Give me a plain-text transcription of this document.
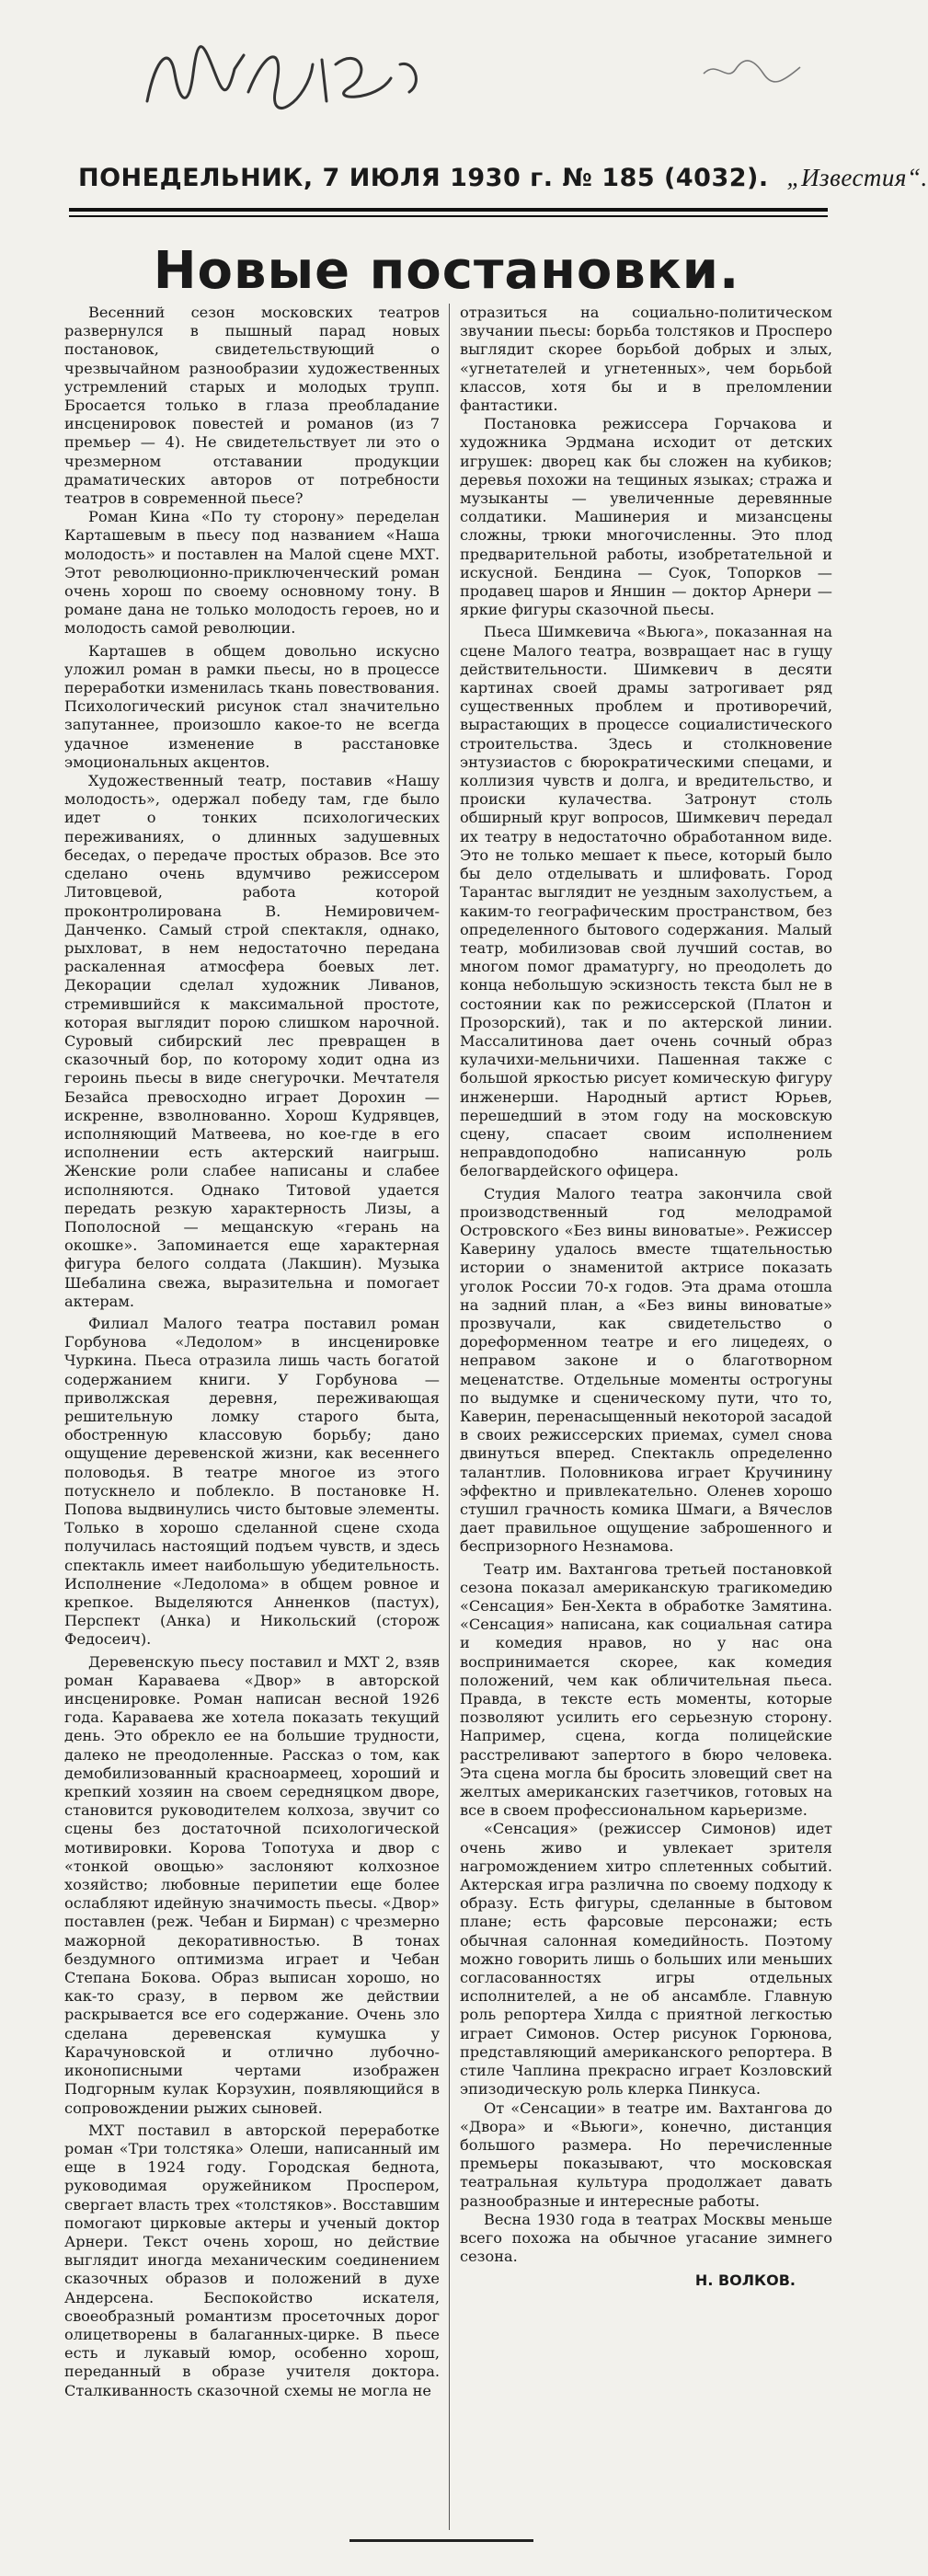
ПОНЕДЕЛЬНИК, 7 ИЮЛЯ 1930 г. № 185 (4032). „Известия“.
Новые постановки.

Весенний сезон московских театров развернулся в пышный парад новых постановок, свидетельствующий о чрезвычайном разнообразии художественных устремлений старых и молодых трупп. Бросается только в глаза преобладание инсценировок повестей и романов (из 7 премьер — 4). Не свидетельствует ли это о чрезмерном отставании продукции драматических авторов от потребности театров в современной пьесе?

Роман Кина «По ту сторону» переделан Карташевым в пьесу под названием «Наша молодость» и поставлен на Малой сцене МХТ. Этот революционно-приключенческий роман очень хорош по своему основному тону. В романе дана не только молодость героев, но и молодость самой революции.

Карташев в общем довольно искусно уложил роман в рамки пьесы, но в процессе переработки изменилась ткань повествования. Психологический рисунок стал значительно запутаннее, произошло какое-то не всегда удачное изменение в расстановке эмоциональных акцентов.

Художественный театр, поставив «Нашу молодость», одержал победу там, где было идет о тонких психологических переживаниях, о длинных задушевных беседах, о передаче простых образов. Все это сделано очень вдумчиво режиссером Литовцевой, работа которой проконтролирована В. Немировичем-Данченко. Самый строй спектакля, однако, рыхловат, в нем недостаточно передана раскаленная атмосфера боевых лет. Декорации сделал художник Ливанов, стремившийся к максимальной простоте, которая выглядит порою слишком нарочной. Суровый сибирский лес превращен в сказочный бор, по которому ходит одна из героинь пьесы в виде снегурочки. Мечтателя Безайса превосходно играет Дорохин — искренне, взволнованно. Хорош Кудрявцев, исполняющий Матвеева, но кое-где в его исполнении есть актерский наигрыш. Женские роли слабее написаны и слабее исполняются. Однако Титовой удается передать резкую характерность Лизы, а Пополосной — мещанскую «герань на окошке». Запоминается еще характерная фигура белого солдата (Лакшин). Музыка Шебалина свежа, выразительна и помогает актерам.

Филиал Малого театра поставил роман Горбунова «Ледолом» в инсценировке Чуркина. Пьеса отразила лишь часть богатой содержанием книги. У Горбунова — приволжская деревня, переживающая решительную ломку старого быта, обостренную классовую борьбу; дано ощущение деревенской жизни, как весеннего половодья. В театре многое из этого потускнело и поблекло. В постановке Н. Попова выдвинулись чисто бытовые элементы. Только в хорошо сделанной сцене схода получилась настоящий подъем чувств, и здесь спектакль имеет наибольшую убедительность. Исполнение «Ледолома» в общем ровное и крепкое. Выделяются Анненков (пастух), Перспект (Анка) и Никольский (сторож Федосеич).

Деревенскую пьесу поставил и МХТ 2, взяв роман Караваева «Двор» в авторской инсценировке. Роман написан весной 1926 года. Караваева же хотела показать текущий день. Это обрекло ее на большие трудности, далеко не преодоленные. Рассказ о том, как демобилизованный красноармеец, хороший и крепкий хозяин на своем середняцком дворе, становится руководителем колхоза, звучит со сцены без достаточной психологической мотивировки. Корова Топотуха и двор с «тонкой овощью» заслоняют колхозное хозяйство; любовные перипетии еще более ослабляют идейную значимость пьесы. «Двор» поставлен (реж. Чебан и Бирман) с чрезмерно мажорной декоративностью. В тонах бездумного оптимизма играет и Чебан Степана Бокова. Образ выписан хорошо, но как-то сразу, в первом же действии раскрывается все его содержание. Очень зло сделана деревенская кумушка у Карачуновской и отлично лубочно-иконописными чертами изображен Подгорным кулак Корзухин, появляющийся в сопровождении рыжих сыновей.

МХТ поставил в авторской переработке роман «Три толстяка» Олеши, написанный им еще в 1924 году. Городская беднота, руководимая оружейником Проспером, свергает власть трех «толстяков». Восставшим помогают цирковые актеры и ученый доктор Арнери. Текст очень хорош, но действие выглядит иногда механическим соединением сказочных образов и положений в духе Андерсена. Беспокойство искателя, своеобразный романтизм просеточных дорог олицетворены в балаганных-цирке. В пьесе есть и лукавый юмор, особенно хорош, переданный в образе учителя доктора. Сталкиванность сказочной схемы не могла не

отразиться на социально-политическом звучании пьесы: борьба толстяков и Просперо выглядит скорее борьбой добрых и злых, «угнетателей и угнетенных», чем борьбой классов, хотя бы и в преломлении фантастики.

Постановка режиссера Горчакова и художника Эрдмана исходит от детских игрушек: дворец как бы сложен на кубиков; деревья похожи на тещиных языках; стража и музыканты — увеличенные деревянные солдатики. Машинерия и мизансцены сложны, трюки многочисленны. Это плод предварительной работы, изобретательной и искусной. Бендина — Суок, Топорков — продавец шаров и Яншин — доктор Арнери — яркие фигуры сказочной пьесы.

Пьеса Шимкевича «Вьюга», показанная на сцене Малого театра, возвращает нас в гущу действительности. Шимкевич в десяти картинах своей драмы затрогивает ряд существенных проблем и противоречий, вырастающих в процессе социалистического строительства. Здесь и столкновение энтузиастов с бюрократическими спецами, и коллизия чувств и долга, и вредительство, и происки кулачества. Затронут столь обширный круг вопросов, Шимкевич передал их театру в недостаточно обработанном виде. Это не только мешает к пьесе, который было бы дело отделывать и шлифовать. Город Тарантас выглядит не уездным захолустьем, а каким-то географическим пространством, без определенного бытового содержания. Малый театр, мобилизовав свой лучший состав, во многом помог драматургу, но преодолеть до конца небольшую эскизность текста был не в состоянии как по режиссерской (Платон и Прозорский), так и по актерской линии. Массалитинова дает очень сочный образ кулачихи-мельничихи. Пашенная также с большой яркостью рисует комическую фигуру инженерши. Народный артист Юрьев, перешедший в этом году на московскую сцену, спасает своим исполнением неправдоподобно написанную роль белогвардейского офицера.

Студия Малого театра закончила свой производственный год мелодрамой Островского «Без вины виноватые». Режиссер Каверину удалось вместе тщательностью истории о знаменитой актрисе показать уголок России 70-х годов. Эта драма отошла на задний план, а «Без вины виноватые» прозвучали, как свидетельство о дореформенном театре и его лицедеях, о неправом законе и о благотворном меценатстве. Отдельные моменты острогуны по выдумке и сценическому пути, что то, Каверин, перенасыщенный некоторой засадой в своих режиссерских приемах, сумел снова двинуться вперед. Спектакль определенно талантлив. Половникова играет Кручинину эффектно и привлекательно. Оленев хорошо стушил грачность комика Шмаги, а Вячеслов дает правильное ощущение заброшенного и беспризорного Незнамова.

Театр им. Вахтангова третьей постановкой сезона показал американскую трагикомедию «Сенсация» Бен-Хекта в обработке Замятина. «Сенсация» написана, как социальная сатира и комедия нравов, но у нас она воспринимается скорее, как комедия положений, чем как обличительная пьеса. Правда, в тексте есть моменты, которые позволяют усилить его серьезную сторону. Например, сцена, когда полицейские расстреливают запертого в бюро человека. Эта сцена могла бы бросить зловещий свет на желтых американских газетчиков, готовых на все в своем профессиональном карьеризме.

«Сенсация» (режиссер Симонов) идет очень живо и увлекает зрителя нагромождением хитро сплетенных событий. Актерская игра различна по своему подходу к образу. Есть фигуры, сделанные в бытовом плане; есть фарсовые персонажи; есть обычная салонная комедийность. Поэтому можно говорить лишь о больших или меньших согласованностях игры отдельных исполнителей, а не об ансамбле. Главную роль репортера Хилда с приятной легкостью играет Симонов. Остер рисунок Горюнова, представляющий американского репортера. В стиле Чаплина прекрасно играет Козловский эпизодическую роль клерка Пинкуса.

От «Сенсации» в театре им. Вахтангова до «Двора» и «Вьюги», конечно, дистанция большого размера. Но перечисленные премьеры показывают, что московская театральная культура продолжает давать разнообразные и интересные работы.

Весна 1930 года в театрах Москвы меньше всего похожа на обычное угасание зимнего сезона.

Н. ВОЛКОВ.
